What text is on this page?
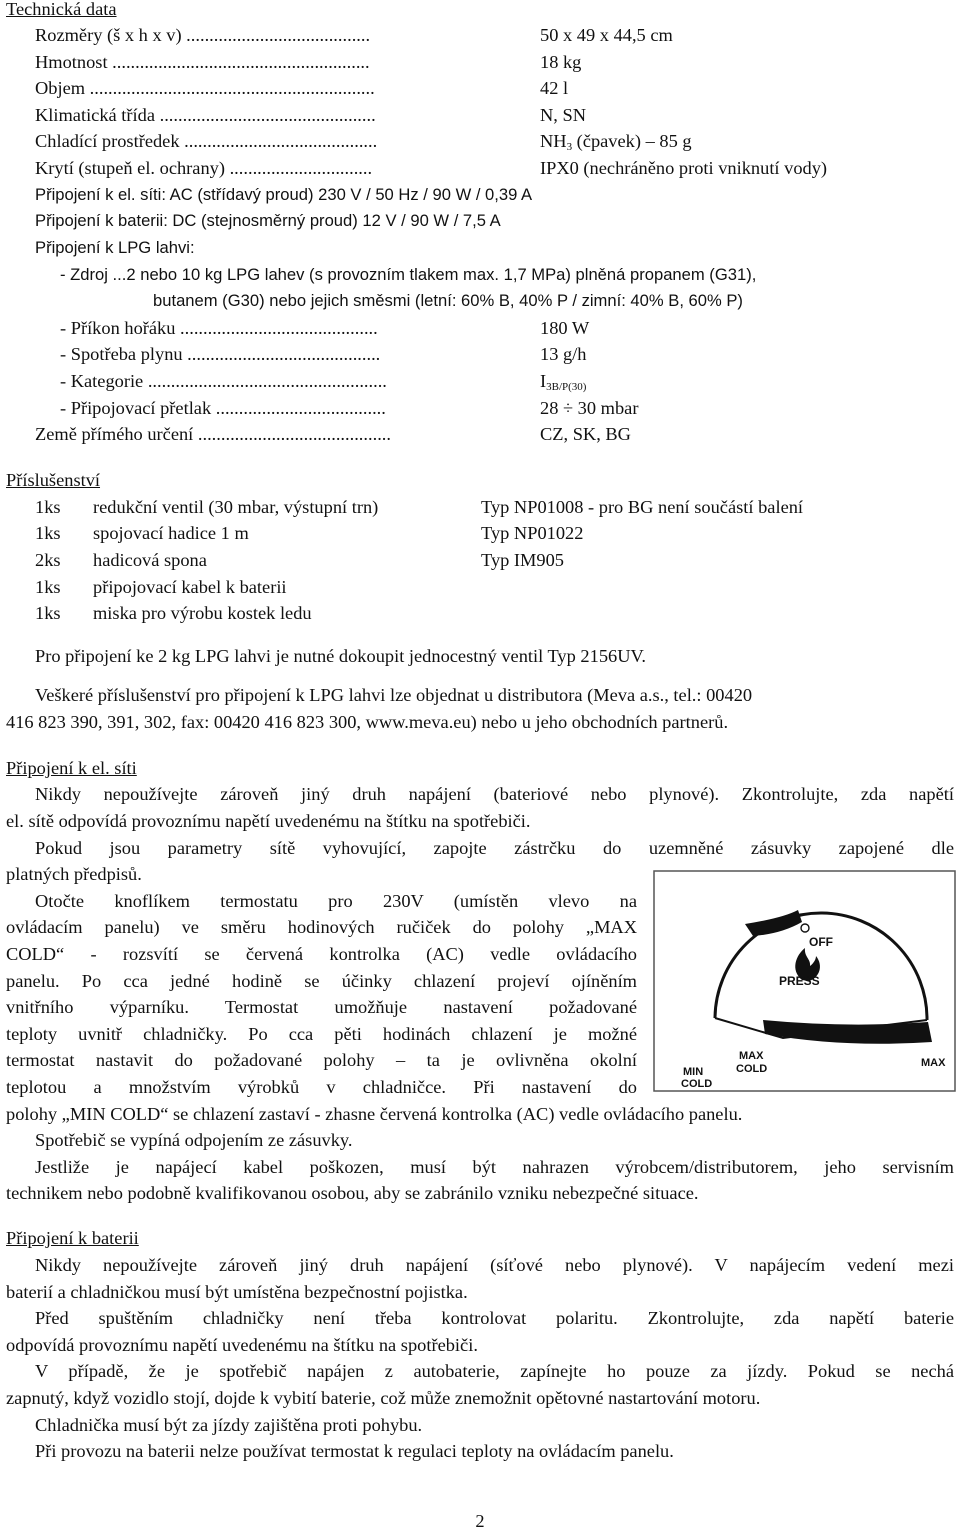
Technická data
Rozměry (š x h x v) ........................................	50 x 49 x 44,5 cm
Hmotnost ........................................................	18 kg
Objem ..............................................................	42 l
Klimatická třída ...............................................	N, SN
Chladící prostředek ..........................................	$NH_3$ (čpavek) – 85 g
Krytí (stupeň el. ochrany) ...............................	IPX0 (nechráněno proti vniknutí vody)
Připojení k el. síti: AC (střídavý proud) 230 V / 50 Hz / 90 W / 0,39 A
Připojení k baterii: DC (stejnosměrný proud) 12 V / 90 W / 7,5 A
Připojení k LPG lahvi:
- Zdroj ...2 nebo 10 kg LPG lahev (s provozním tlakem max. 1,7 MPa) plněná propanem (G31),
butanem (G30) nebo jejich směsmi (letní: 60% B, 40% P / zimní: 40% B, 60% P)
- Příkon hořáku ...........................................	180 W
- Spotřeba plynu ..........................................	13 g/h
- Kategorie ....................................................	$I_{3B/P(30)}$
- Připojovací přetlak .....................................	28 ÷ 30 mbar
Země přímého určení ..........................................	CZ, SK, BG
Příslušenství
1ks redukční ventil (30 mbar, výstupní trn)	Typ NP01008 - pro BG není součástí balení
1ks spojovací hadice 1 m	Typ NP01022
2ks hadicová spona	Typ IM905
1ks připojovací kabel k baterii
1ks miska pro výrobu kostek ledu
Pro připojení ke 2 kg LPG lahvi je nutné dokoupit jednocestný ventil Typ 2156UV.
Veškeré příslušenství pro připojení k LPG lahvi lze objednat u distributora (Meva a.s., tel.: 00420
416 823 390, 391, 302, fax: 00420 416 823 300, www.meva.eu) nebo u jeho obchodních partnerů.
Připojení k el. síti
Nikdy nepoužívejte zároveň jiný druh napájení (bateriové nebo plynové). Zkontrolujte, zda napětí
el. sítě odpovídá provoznímu napětí uvedenému na štítku na spotřebiči.
Pokud jsou parametry sítě vyhovující, zapojte zástrčku do uzemněné zásuvky zapojené dle
platných předpisů.
Otočte knoflíkem termostatu pro 230V (umístěn vlevo na
ovládacím panelu) ve směru hodinových ručiček do polohy „MAX
COLD“ - rozsvítí se červená kontrolka (AC) vedle ovládacího
panelu. Po cca jedné hodině se účinky chlazení projeví ojíněním
vnitřního výparníku. Termostat umožňuje nastavení požadované
teploty uvnitř chladničky. Po cca pěti hodinách chlazení je možné
termostat nastavit do požadované polohy ‒ ta je ovlivněna okolní
teplotou a množstvím výrobků v chladničce. Při nastavení do
polohy „MIN COLD“ se chlazení zastaví - zhasne červená kontrolka (AC) vedle ovládacího panelu.
Spotřebič se vypíná odpojením ze zásuvky.
Jestliže je napájecí kabel poškozen, musí být nahrazen výrobcem/distributorem, jeho servisním
technikem nebo podobně kvalifikovanou osobou, aby se zabránilo vzniku nebezpečné situace.
OFF
PRESS
MIN
COLD
MAX
COLD	MAX
Připojení k baterii
Nikdy nepoužívejte zároveň jiný druh napájení (síťové nebo plynové). V napájecím vedení mezi
baterií a chladničkou musí být umístěna bezpečnostní pojistka.
Před spuštěním chladničky není třeba kontrolovat polaritu. Zkontrolujte, zda napětí baterie
odpovídá provoznímu napětí uvedenému na štítku na spotřebiči.
V případě, že je spotřebič napájen z autobaterie, zapínejte ho pouze za jízdy. Pokud se nechá
zapnutý, když vozidlo stojí, dojde k vybití baterie, což může znemožnit opětovné nastartování motoru.
Chladnička musí být za jízdy zajištěna proti pohybu.
Při provozu na baterii nelze používat termostat k regulaci teploty na ovládacím panelu.
2
